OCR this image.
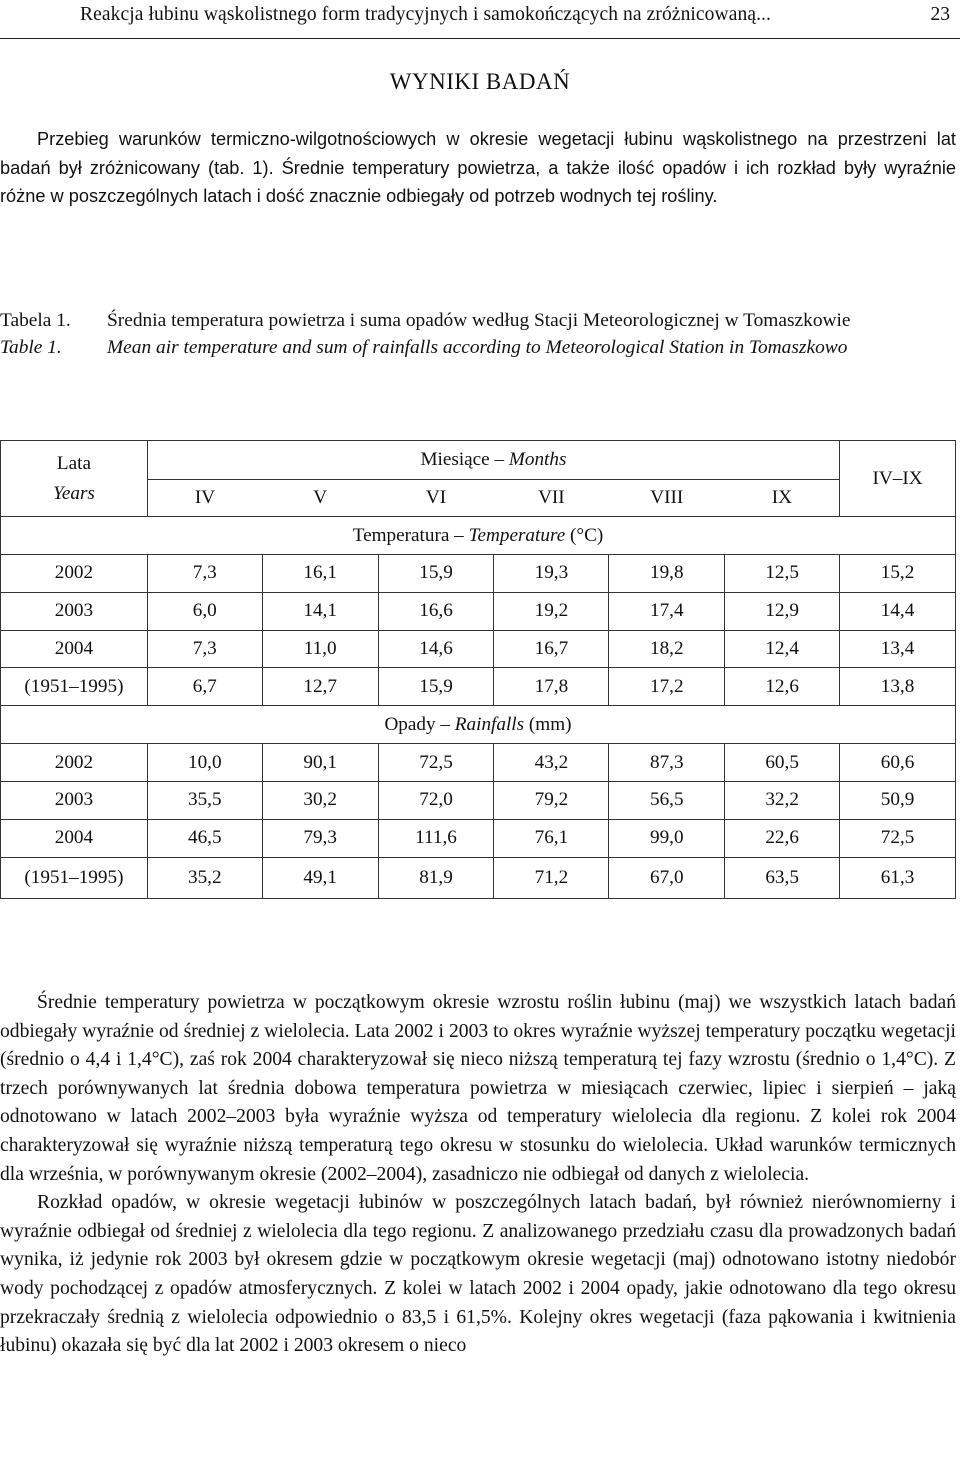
Reakcja łubinu wąskolistnego form tradycyjnych i samokończących na zróżnicowaną...	23
WYNIKI BADAŃ

Przebieg warunków termiczno-wilgotnościowych w okresie wegetacji łubinu wąskolistnego na przestrzeni lat badań był zróżnicowany (tab. 1). Średnie temperatury powietrza, a także ilość opadów i ich rozkład były wyraźnie różne w poszczególnych latach i dość znacznie odbiegały od potrzeb wodnych tej rośliny.

Tabela 1.	Średnia temperatura powietrza i suma opadów według Stacji Meteorologicznej w Tomaszkowie
Table 1.	Mean air temperature and sum of rainfalls according to Meteorological Station in Tomaszkowo
Lata
Years	Miesiące – Months						IV–IX
	IV	V	VI	VII	VIII	IX	
Temperatura – Temperature (°C)							
2002	7,3	16,1	15,9	19,3	19,8	12,5	15,2
2003	6,0	14,1	16,6	19,2	17,4	12,9	14,4
2004	7,3	11,0	14,6	16,7	18,2	12,4	13,4
(1951–1995)	6,7	12,7	15,9	17,8	17,2	12,6	13,8
Opady – Rainfalls (mm)							
2002	10,0	90,1	72,5	43,2	87,3	60,5	60,6
2003	35,5	30,2	72,0	79,2	56,5	32,2	50,9
2004	46,5	79,3	111,6	76,1	99,0	22,6	72,5
(1951–1995)	35,2	49,1	81,9	71,2	67,0	63,5	61,3

Średnie temperatury powietrza w początkowym okresie wzrostu roślin łubinu (maj) we wszystkich latach badań odbiegały wyraźnie od średniej z wielolecia. Lata 2002 i 2003 to okres wyraźnie wyższej temperatury początku wegetacji (średnio o 4,4 i 1,4°C), zaś rok 2004 charakteryzował się nieco niższą temperaturą tej fazy wzrostu (średnio o 1,4°C). Z trzech porównywanych lat średnia dobowa temperatura powietrza w miesiącach czerwiec, lipiec i sierpień – jaką odnotowano w latach 2002–2003 była wyraźnie wyższa od temperatury wielolecia dla regionu. Z kolei rok 2004 charakteryzował się wyraźnie niższą temperaturą tego okresu w stosunku do wielolecia. Układ warunków termicznych dla września, w porównywanym okresie (2002–2004), zasadniczo nie odbiegał od danych z wielolecia.

Rozkład opadów, w okresie wegetacji łubinów w poszczególnych latach badań, był również nierównomierny i wyraźnie odbiegał od średniej z wielolecia dla tego regionu. Z analizowanego przedziału czasu dla prowadzonych badań wynika, iż jedynie rok 2003 był okresem gdzie w początkowym okresie wegetacji (maj) odnotowano istotny niedobór wody pochodzącej z opadów atmosferycznych. Z kolei w latach 2002 i 2004 opady, jakie odnotowano dla tego okresu przekraczały średnią z wielolecia odpowiednio o 83,5 i 61,5%. Kolejny okres wegetacji (faza pąkowania i kwitnienia łubinu) okazała się być dla lat 2002 i 2003 okresem o nieco
